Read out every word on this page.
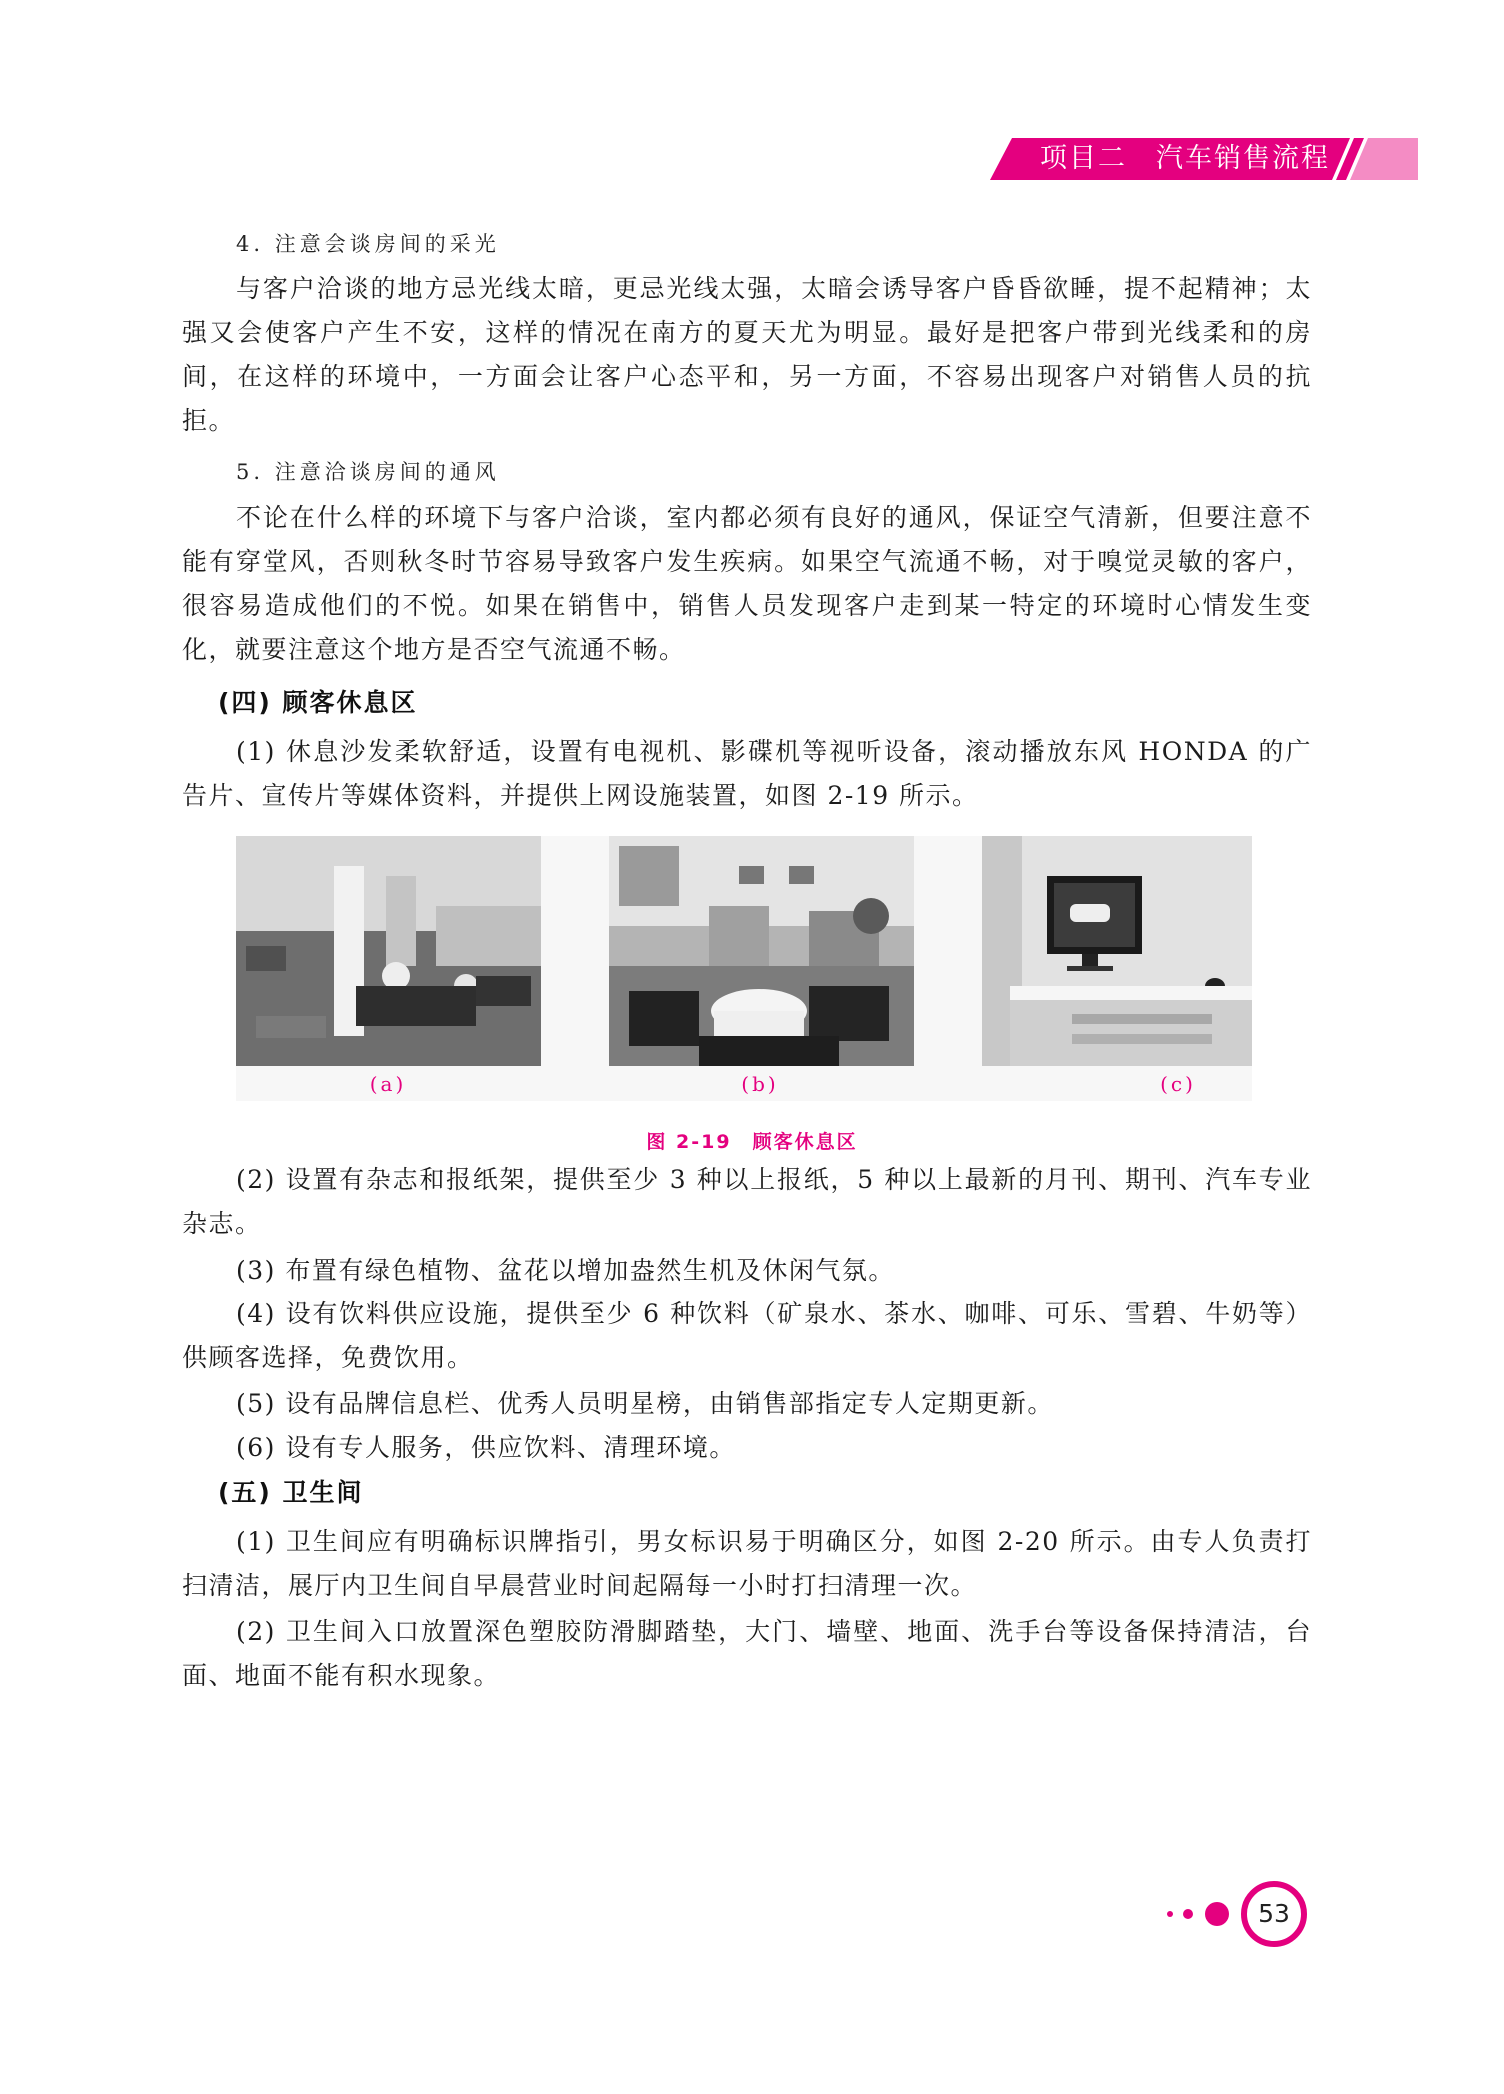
项目二　汽车销售流程
4. 注意会谈房间的采光
与客户洽谈的地方忌光线太暗，更忌光线太强，太暗会诱导客户昏昏欲睡，提不起精神；太强又会使客户产生不安，这样的情况在南方的夏天尤为明显。最好是把客户带到光线柔和的房间，在这样的环境中，一方面会让客户心态平和，另一方面，不容易出现客户对销售人员的抗拒。
5. 注意洽谈房间的通风
不论在什么样的环境下与客户洽谈，室内都必须有良好的通风，保证空气清新，但要注意不能有穿堂风，否则秋冬时节容易导致客户发生疾病。如果空气流通不畅，对于嗅觉灵敏的客户，很容易造成他们的不悦。如果在销售中，销售人员发现客户走到某一特定的环境时心情发生变化，就要注意这个地方是否空气流通不畅。
(四) 顾客休息区
(1) 休息沙发柔软舒适，设置有电视机、影碟机等视听设备，滚动播放东风 HONDA 的广告片、宣传片等媒体资料，并提供上网设施装置，如图 2-19 所示。
(a)	(b)	(c)
图 2-19　顾客休息区
(2) 设置有杂志和报纸架，提供至少 3 种以上报纸，5 种以上最新的月刊、期刊、汽车专业杂志。
(3) 布置有绿色植物、盆花以增加盎然生机及休闲气氛。
(4) 设有饮料供应设施，提供至少 6 种饮料（矿泉水、茶水、咖啡、可乐、雪碧、牛奶等）供顾客选择，免费饮用。
(5) 设有品牌信息栏、优秀人员明星榜，由销售部指定专人定期更新。
(6) 设有专人服务，供应饮料、清理环境。
(五) 卫生间
(1) 卫生间应有明确标识牌指引，男女标识易于明确区分，如图 2-20 所示。由专人负责打扫清洁，展厅内卫生间自早晨营业时间起隔每一小时打扫清理一次。
(2) 卫生间入口放置深色塑胶防滑脚踏垫，大门、墙壁、地面、洗手台等设备保持清洁，台面、地面不能有积水现象。
53
